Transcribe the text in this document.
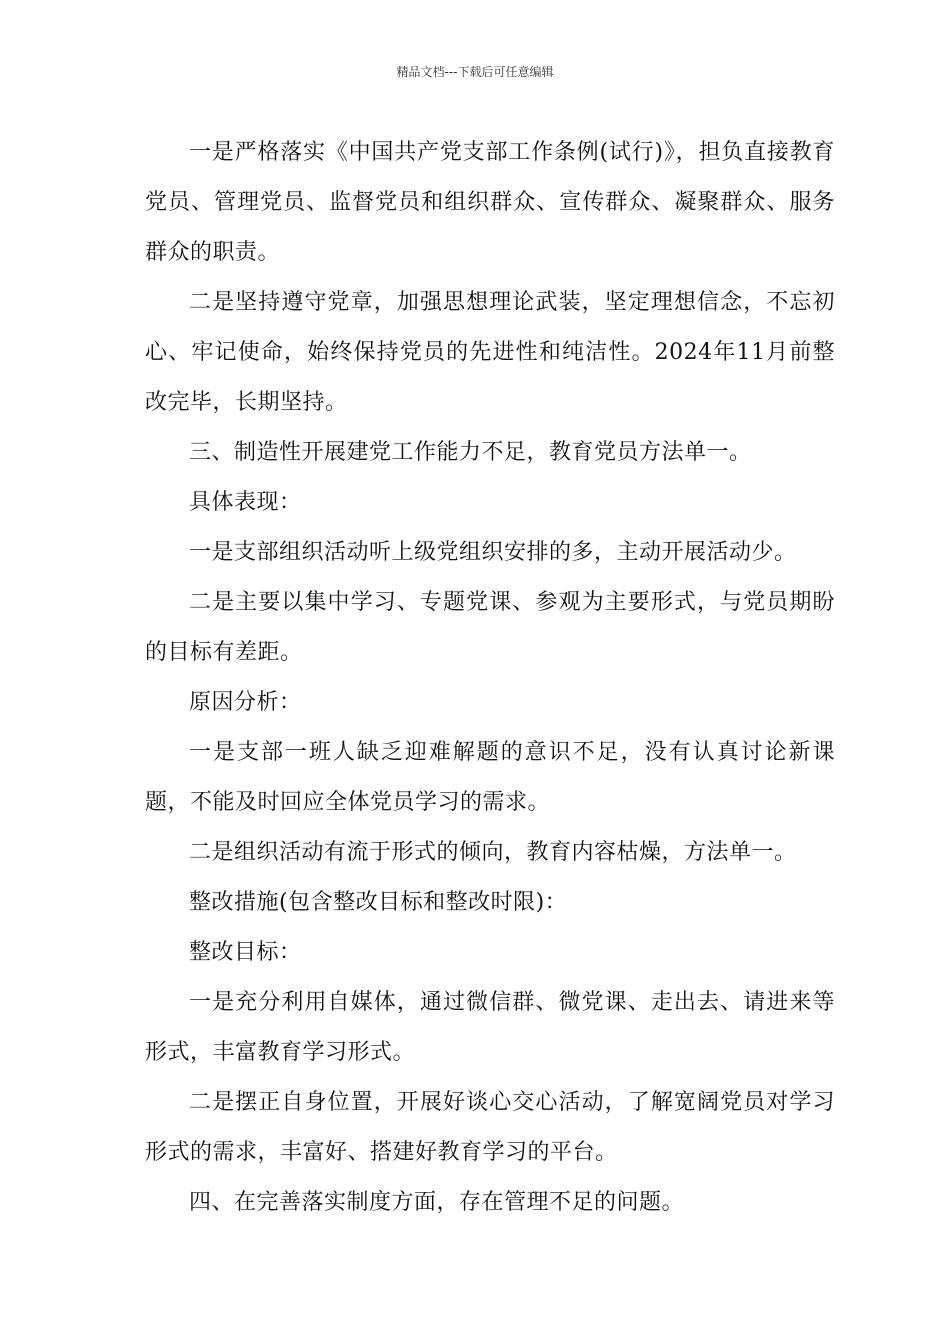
精品文档---下载后可任意编辑

一是严格落实《中国共产党支部工作条例(试行)》，担负直接教育党员、管理党员、监督党员和组织群众、宣传群众、凝聚群众、服务群众的职责。

二是坚持遵守党章，加强思想理论武装，坚定理想信念，不忘初心、牢记使命，始终保持党员的先进性和纯洁性。2024年11月前整改完毕，长期坚持。

三、制造性开展建党工作能力不足，教育党员方法单一。

具体表现：

一是支部组织活动听上级党组织安排的多，主动开展活动少。

二是主要以集中学习、专题党课、参观为主要形式，与党员期盼的目标有差距。

原因分析：

一是支部一班人缺乏迎难解题的意识不足，没有认真讨论新课题，不能及时回应全体党员学习的需求。

二是组织活动有流于形式的倾向，教育内容枯燥，方法单一。

整改措施(包含整改目标和整改时限)：

整改目标：

一是充分利用自媒体，通过微信群、微党课、走出去、请进来等形式，丰富教育学习形式。

二是摆正自身位置，开展好谈心交心活动，了解宽阔党员对学习形式的需求，丰富好、搭建好教育学习的平台。

四、在完善落实制度方面，存在管理不足的问题。
